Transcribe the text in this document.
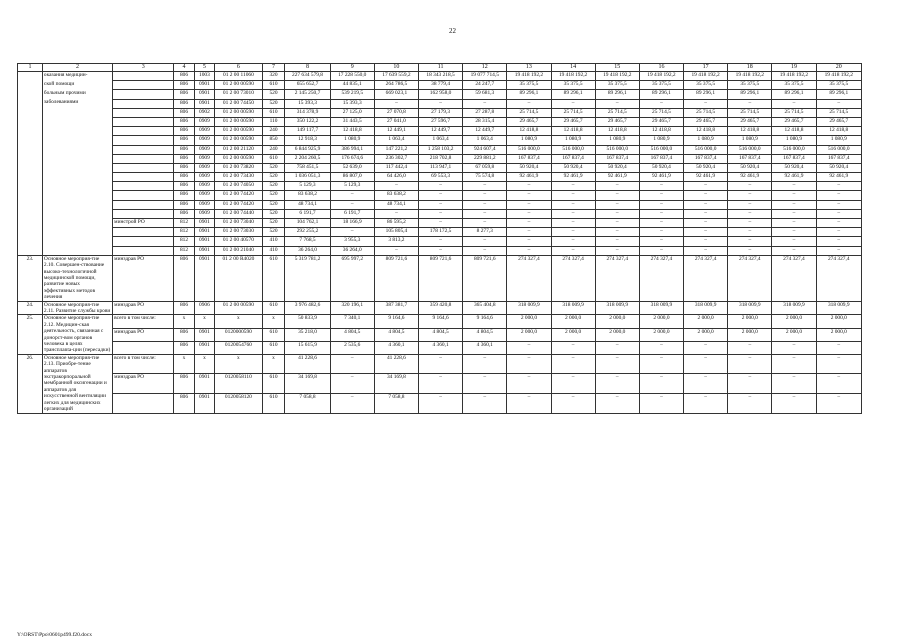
22
1	2	3	4	5	6	7	8	9	10	11	12	13	14	15	16	17	18	19	20
	оказания медицин-		806	1003	01 2 00 11060	320	227 634 579,8	17 228 550,0	17 639 559,2	18 343 218,5	19 077 714,5	19 418 192,2	19 418 192,2	19 418 192,2	19 418 192,2	19 418 192,2	19 418 192,2	19 418 192,2	19 418 192,2
	ской помощи		806	0901	01 2 00 00590	610	655 652,7	44 835,1	264 786,5	38 779,4	24 247,7	35 375,5	35 375,5	35 375,5	35 375,5	35 375,5	35 375,5	35 375,5	35 375,5
	больным прочими		806	0901	01 2 00 73010	520	2 145 250,7	539 219,5	669 023,1	162 958,0	59 681,3	89 296,1	89 296,1	89 296,1	89 296,1	89 296,1	89 296,1	89 296,1	89 296,1
	заболеваниями		806	0901	01 2 00 74450	520	15 393,3	15 393,3	–	–	–	–	–	–	–	–	–	–	–
			806	0902	01 2 00 00590	610	314 378,9	27 125,0	27 070,8	27 179,3	27 287,8	25 714,5	25 714,5	25 714,5	25 714,5	25 714,5	25 714,5	25 714,5	25 714,5
			806	0909	01 2 00 00590	110	350 122,2	31 443,5	27 041,0	27 596,7	28 315,4	29 465,7	29 465,7	29 465,7	29 465,7	29 465,7	29 465,7	29 465,7	29 465,7
			806	0909	01 2 00 00590	240	149 117,7	12 418,8	12 449,1	12 449,7	12 449,7	12 418,8	12 418,8	12 418,8	12 418,8	12 418,8	12 418,8	12 418,8	12 418,8
			806	0909	01 2 00 00590	850	12 918,3	1 080,9	1 063,4	1 063,4	1 063,4	1 080,9	1 080,9	1 080,9	1 080,9	1 080,9	1 080,9	1 080,9	1 080,9
			806	0909	01 2 00 21120	240	6 844 925,9	386 994,1	147 221,2	1 258 103,2	924 607,4	516 000,0	516 000,0	516 000,0	516 000,0	516 000,0	516 000,0	516 000,0	516 000,0
			806	0909	01 2 00 00590	610	2 204 260,5	176 674,6	236 302,7	218 702,8	229 881,2	167 837,4	167 837,4	167 837,4	167 837,4	167 837,4	167 837,4	167 837,4	167 837,4
			806	0909	01 2 00 73820	520	758 451,5	52 639,0	117 442,4	113 947,1	67 059,8	50 920,4	50 920,4	50 920,4	50 920,4	50 920,4	50 920,4	50 920,4	50 920,4
			806	0909	01 2 00 73430	520	1 036 051,3	86 807,0	64 426,0	69 553,3	75 574,8	92 461,9	92 461,9	92 461,9	92 461,9	92 461,9	92 461,9	92 461,9	92 461,9
			806	0909	01 2 00 74050	520	5 129,3	5 129,3	–	–	–	–	–	–	–	–	–	–	–
			806	0909	01 2 00 74420	520	83 638,2	–	83 638,2	–	–	–	–	–	–	–	–	–	–
			806	0909	01 2 00 74420	520	48 734,1	–	48 734,1	–	–	–	–	–	–	–	–	–	–
			806	0909	01 2 00 74440	520	6 191,7	6 191,7	–	–	–	–	–	–	–	–	–	–	–
		минстрой РО	812	0901	01 2 00 73040	520	104 762,1	18 166,9	86 595,2	–	–	–	–	–	–	–	–	–	–
			812	0901	01 2 00 73030	520	292 255,2	–	105 805,4	178 172,5	8 277,3	–	–	–	–	–	–	–	–
			812	0901	01 2 00 40570	410	7 768,5	3 955,3	3 813,2	–	–	–	–	–	–	–	–	–	–
			812	0901	01 2 00 21040	410	36 264,0	36 264,0	–	–	–	–	–	–	–	–	–	–	–
23.	Основное мероприя-тие 2.10. Совершен-ствование высоко-технологичной медицинской помощи, развитие новых эффективных методов лечения	минздрав РО	806	0901	01 2 00 R4020	610	5 319 781,2	695 997,2	809 721,6	809 721,6	809 721,6	274 327,4	274 327,4	274 327,4	274 327,4	274 327,4	274 327,4	274 327,4	274 327,4
24.	Основное мероприя-тие 2.11. Развитие службы крови	минздрав РО	806	0906	01 2 00 00590	610	3 976 482,6	320 196,1	387 381,7	359 420,8	365 404,8	318 009,9	318 009,9	318 009,9	318 009,9	318 009,9	318 009,9	318 009,9	318 009,9
25.	Основное мероприя-тие 2.12. Медицин-ская деятельность, связанная с донорст-вом органов человека в целях трансплanta-ции (пересадки)	всего в том числе:	x	x	x	x	50 833,9	7 340,1	9 164,6	9 164,6	9 164,6	2 000,0	2 000,0	2 000,0	2 000,0	2 000,0	2 000,0	2 000,0	2 000,0
		минздрав РО	806	0901	0120000590	610	35 218,0	4 804,5	4 804,5	4 804,5	4 804,5	2 000,0	2 000,0	2 000,0	2 000,0	2 000,0	2 000,0	2 000,0	2 000,0
			806	0901	0120054760	610	15 615,9	2 535,6	4 360,1	4 360,1	4 360,1	–	–	–	–	–	–	–	–
26.	Основное мероприя-тие 2.13. Приобре-тение аппаратов экстракорпоральной мембранной оксигенации и аппаратов для искусственной вентиляции легких для медицинских организаций	всего в том числе:	x	x	x	x	41 228,6	–	41 228,6	–	–	–	–	–	–	–	–	–	–
		минздрав РО	806	0901	0120058110	610	34 169,8	–	34 169,8	–	–	–	–	–	–	–	–	–	–
			806	0901	0120058120	610	7 058,8	–	7 058,8	–	–	–	–	–	–	–	–	–	–
Y:\ORST\Ppo\0601p499.f20.docx
